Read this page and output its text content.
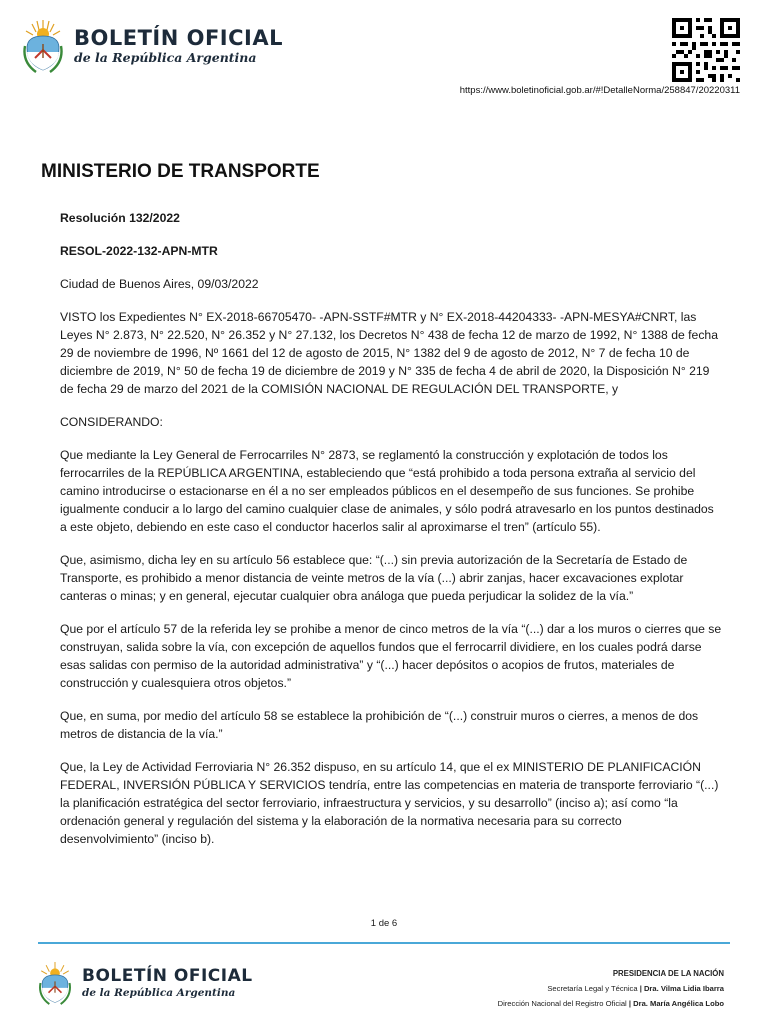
BOLETÍN OFICIAL
de la República Argentina
https://www.boletinoficial.gob.ar/#!DetalleNorma/258847/20220311
MINISTERIO DE TRANSPORTE

Resolución 132/2022

RESOL-2022-132-APN-MTR

Ciudad de Buenos Aires, 09/03/2022

VISTO los Expedientes N° EX-2018-66705470- -APN-SSTF#MTR y N° EX-2018-44204333- -APN-MESYA#CNRT, las Leyes N° 2.873, N° 22.520, N° 26.352 y N° 27.132, los Decretos N° 438 de fecha 12 de marzo de 1992, N° 1388 de fecha 29 de noviembre de 1996, Nº 1661 del 12 de agosto de 2015, N° 1382 del 9 de agosto de 2012, N° 7 de fecha 10 de diciembre de 2019, N° 50 de fecha 19 de diciembre de 2019 y N° 335 de fecha 4 de abril de 2020, la Disposición N° 219 de fecha 29 de marzo del 2021 de la COMISIÓN NACIONAL DE REGULACIÓN DEL TRANSPORTE, y

CONSIDERANDO:

Que mediante la Ley General de Ferrocarriles N° 2873, se reglamentó la construcción y explotación de todos los ferrocarriles de la REPÚBLICA ARGENTINA, estableciendo que “está prohibido a toda persona extraña al servicio del camino introducirse o estacionarse en él a no ser empleados públicos en el desempeño de sus funciones. Se prohibe igualmente conducir a lo largo del camino cualquier clase de animales, y sólo podrá atravesarlo en los puntos destinados a este objeto, debiendo en este caso el conductor hacerlos salir al aproximarse el tren” (artículo 55).

Que, asimismo, dicha ley en su artículo 56 establece que: “(...) sin previa autorización de la Secretaría de Estado de Transporte, es prohibido a menor distancia de veinte metros de la vía (...) abrir zanjas, hacer excavaciones explotar canteras o minas; y en general, ejecutar cualquier obra análoga que pueda perjudicar la solidez de la vía.”

Que por el artículo 57 de la referida ley se prohibe a menor de cinco metros de la vía “(...) dar a los muros o cierres que se construyan, salida sobre la vía, con excepción de aquellos fundos que el ferrocarril dividiere, en los cuales podrá darse esas salidas con permiso de la autoridad administrativa” y “(...) hacer depósitos o acopios de frutos, materiales de construcción y cualesquiera otros objetos.”

Que, en suma, por medio del artículo 58 se establece la prohibición de “(...) construir muros o cierres, a menos de dos metros de distancia de la vía.”

Que, la Ley de Actividad Ferroviaria N° 26.352 dispuso, en su artículo 14, que el ex MINISTERIO DE PLANIFICACIÓN FEDERAL, INVERSIÓN PÚBLICA Y SERVICIOS tendría, entre las competencias en materia de transporte ferroviario “(...) la planificación estratégica del sector ferroviario, infraestructura y servicios, y su desarrollo” (inciso a); así como “la ordenación general y regulación del sistema y la elaboración de la normativa necesaria para su correcto desenvolvimiento” (inciso b).

1 de 6
BOLETÍN OFICIAL
de la República Argentina
PRESIDENCIA DE LA NACIÓN
Secretaría Legal y Técnica | Dra. Vilma Lidia Ibarra
Dirección Nacional del Registro Oficial | Dra. María Angélica Lobo
